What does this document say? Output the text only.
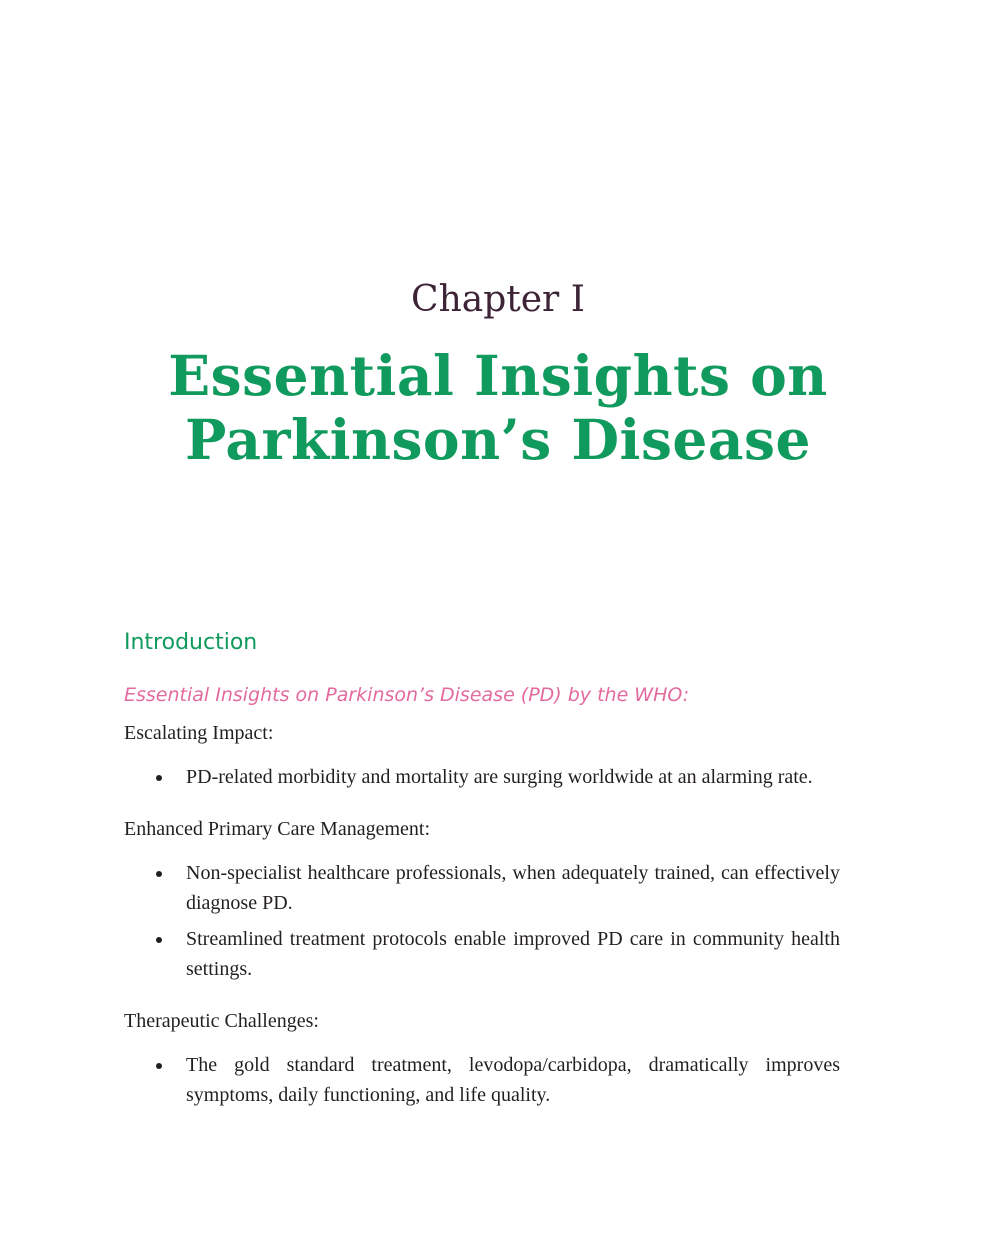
Chapter I
Essential Insights on
Parkinson’s Disease
Introduction
Essential Insights on Parkinson’s Disease (PD) by the WHO:

Escalating Impact:

PD-related morbidity and mortality are surging worldwide at an alarming rate.

Enhanced Primary Care Management:

Non-specialist healthcare professionals, when adequately trained, can effectively diagnose PD.
Streamlined treatment protocols enable improved PD care in community health settings.

Therapeutic Challenges:

The gold standard treatment, levodopa/carbidopa, dramatically improves symptoms, daily functioning, and life quality.
